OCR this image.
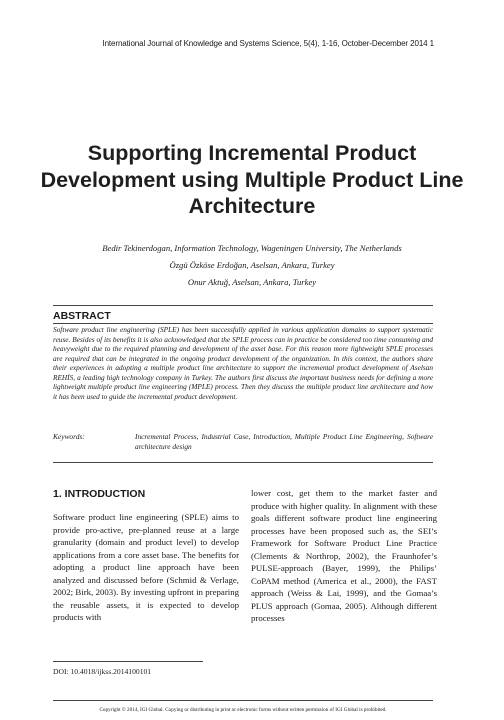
International Journal of Knowledge and Systems Science, 5(4), 1-16, October-December 2014 1
Supporting Incremental Product Development using Multiple Product Line Architecture
Bedir Tekinerdogan, Information Technology, Wageningen University, The Netherlands
Özgü Özköse Erdoğan, Aselsan, Ankara, Turkey
Onur Aktuğ, Aselsan, Ankara, Turkey
ABSTRACT
Software product line engineering (SPLE) has been successfully applied in various application domains to support systematic reuse. Besides of its benefits it is also acknowledged that the SPLE process can in practice be considered too time consuming and heavyweight due to the required planning and development of the asset base. For this reason more lightweight SPLE processes are required that can be integrated in the ongoing product development of the organization. In this context, the authors share their experiences in adopting a multiple product line architecture to support the incremental product development of Aselsan REHİS, a leading high technology company in Turkey. The authors first discuss the important business needs for defining a more lightweight multiple product line engineering (MPLE) process. Then they discuss the multiple product line architecture and how it has been used to guide the incremental product development.
Keywords:	Incremental Process, Industrial Case, Introduction, Multiple Product Line Engineering, Software architecture design
1. INTRODUCTION
Software product line engineering (SPLE) aims to provide pro-active, pre-planned reuse at a large granularity (domain and product level) to develop applications from a core asset base. The benefits for adopting a product line approach have been analyzed and discussed before (Schmid & Verlage, 2002; Birk, 2003). By investing upfront in preparing the reusable assets, it is expected to develop products with
lower cost, get them to the market faster and produce with higher quality. In alignment with these goals different software product line engineering processes have been proposed such as, the SEI’s Framework for Software Product Line Practice (Clements & Northrop, 2002), the Fraunhofer’s PULSE-approach (Bayer, 1999), the Philips’ CoPAM method (America et al., 2000), the FAST approach (Weiss & Lai, 1999), and the Gomaa’s PLUS approach (Gomaa, 2005). Although different processes
DOI: 10.4018/ijkss.2014100101
Copyright © 2014, IGI Global. Copying or distributing in print or electronic forms without written permission of IGI Global is prohibited.
